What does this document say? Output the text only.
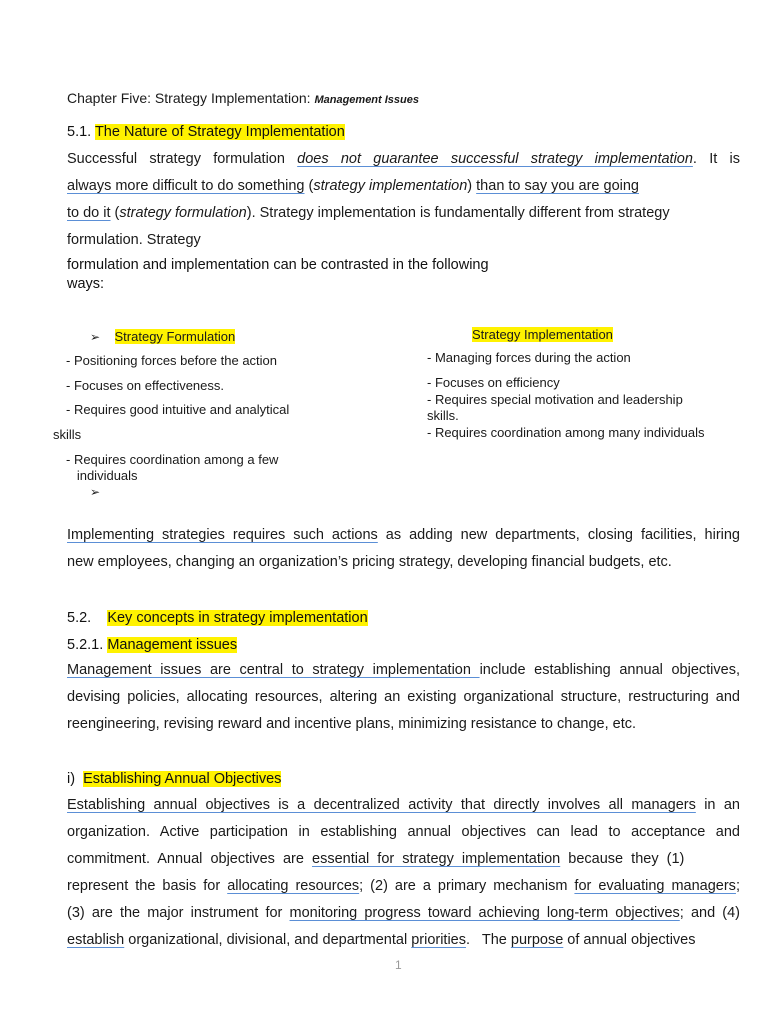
Chapter Five: Strategy Implementation: Management Issues
5.1. The Nature of Strategy Implementation
Successful strategy formulation does not guarantee successful strategy implementation. It is
always more difficult to do something (strategy implementation) than to say you are going
to do it (strategy formulation). Strategy implementation is fundamentally different from strategy
formulation. Strategy
formulation and implementation can be contrasted in the following
ways:
➢ Strategy Formulation
- Positioning forces before the action
- Focuses on effectiveness.
- Requires good intuitive and analytical
skills
- Requires coordination among a few
individuals
➢
Strategy Implementation
- Managing forces during the action
- Focuses on efficiency
- Requires special motivation and leadership
skills.
- Requires coordination among many individuals
Implementing strategies requires such actions as adding new departments, closing facilities, hiring
new employees, changing an organization’s pricing strategy, developing financial budgets, etc.
5.2.    Key concepts in strategy implementation
5.2.1. Management issues
Management issues are central to strategy implementation include establishing annual objectives,
devising policies, allocating resources, altering an existing organizational structure, restructuring and
reengineering, revising reward and incentive plans, minimizing resistance to change, etc.
i)  Establishing Annual Objectives
Establishing annual objectives is a decentralized activity that directly involves all managers in an
organization. Active participation in establishing annual objectives can lead to acceptance and
commitment.  Annual  objectives  are  essential  for  strategy  implementation  because  they  (1)
represent the basis for allocating resources; (2) are a primary mechanism for evaluating managers;
(3) are the major instrument for monitoring progress toward achieving long-term objectives; and (4)
establish organizational, divisional, and departmental priorities.   The purpose of annual objectives
1
